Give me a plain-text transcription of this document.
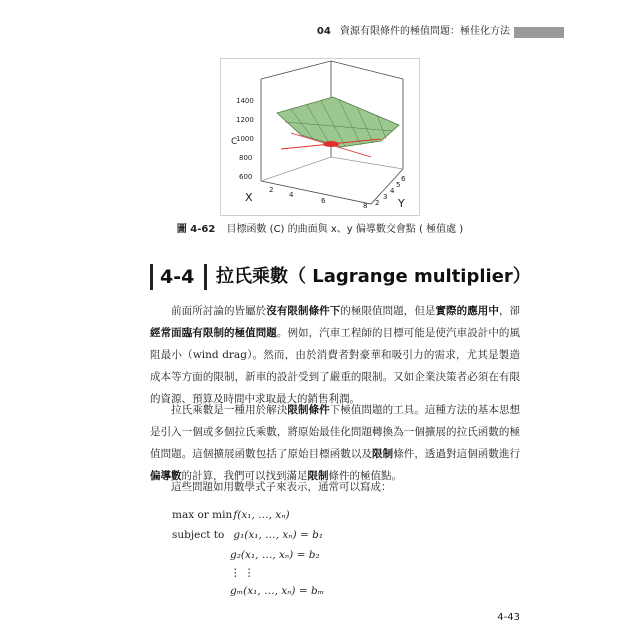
04 資源有限條件的極值問題：極佳化方法
C
1400
1200
1000
800
600
2
4
6
8
X	2
3
4
5
6
Y
圖 4-62 目標函數 (C) 的曲面與 x、y 偏導數交會點 ( 極值處 )
4-4 拉氏乘數（ Lagrange multiplier）

前面所討論的皆屬於沒有限制條件下的極限值問題，但是實際的應用中，卻經常面臨有限制的極值問題。例如，汽車工程師的目標可能是使汽車設計中的風阻最小（wind drag）。然而，由於消費者對豪華和吸引力的需求，尤其是製造成本等方面的限制，新車的設計受到了嚴重的限制。又如企業決策者必須在有限的資源、預算及時間中求取最大的銷售利潤。

拉氏乘數是一種用於解決限制條件下極值問題的工具。這種方法的基本思想是引入一個或多個拉氏乘數，將原始最佳化問題轉換為一個擴展的拉氏函數的極值問題。這個擴展函數包括了原始目標函數以及限制條件，透過對這個函數進行偏導數的計算，我們可以找到滿足限制條件的極值點。

這些問題如用數學式子來表示，通常可以寫成：

max or min f(x₁, …, xₙ)
subject to g₁(x₁, …, xₙ) = b₁
g₂(x₁, …, xₙ) = b₂
⋮ ⋮
gₘ(x₁, …, xₙ) = bₘ
4-43
